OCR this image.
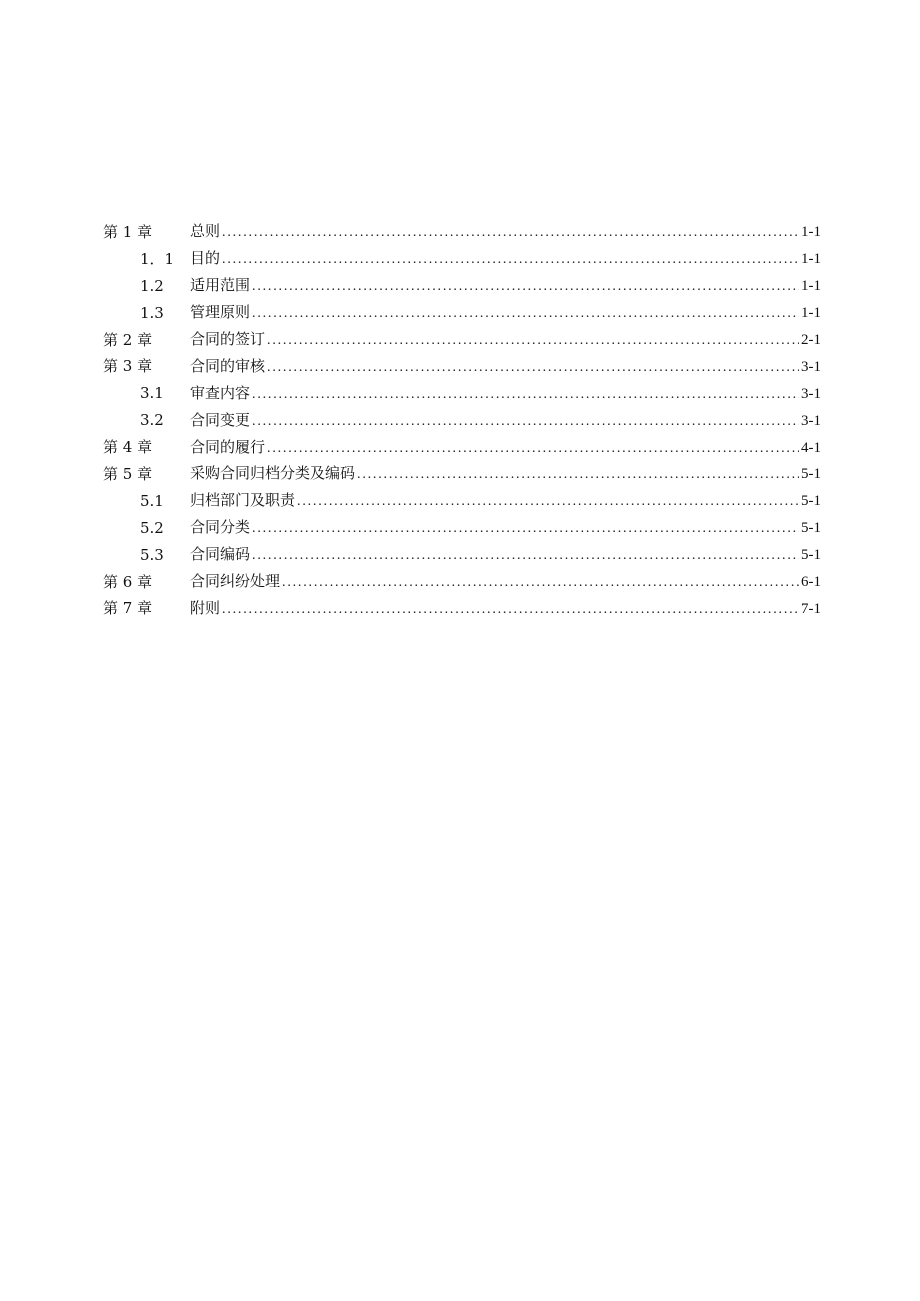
第 1 章	总则 .....	1-1
1．1 目的 .....	1-1
1.2 适用范围 .....	1-1
1.3 管理原则 .....	1-1
第 2 章	合同的签订 .....	2-1
第 3 章	合同的审核 .....	3-1
3.1 审查内容 .....	3-1
3.2 合同变更 .....	3-1
第 4 章	合同的履行 .....	4-1
第 5 章	采购合同归档分类及编码 .....	5-1
5.1 归档部门及职责 .....	5-1
5.2 合同分类 .....	5-1
5.3 合同编码 .....	5-1
第 6 章	合同纠纷处理 .....	6-1
第 7 章	附则 .....	7-1
